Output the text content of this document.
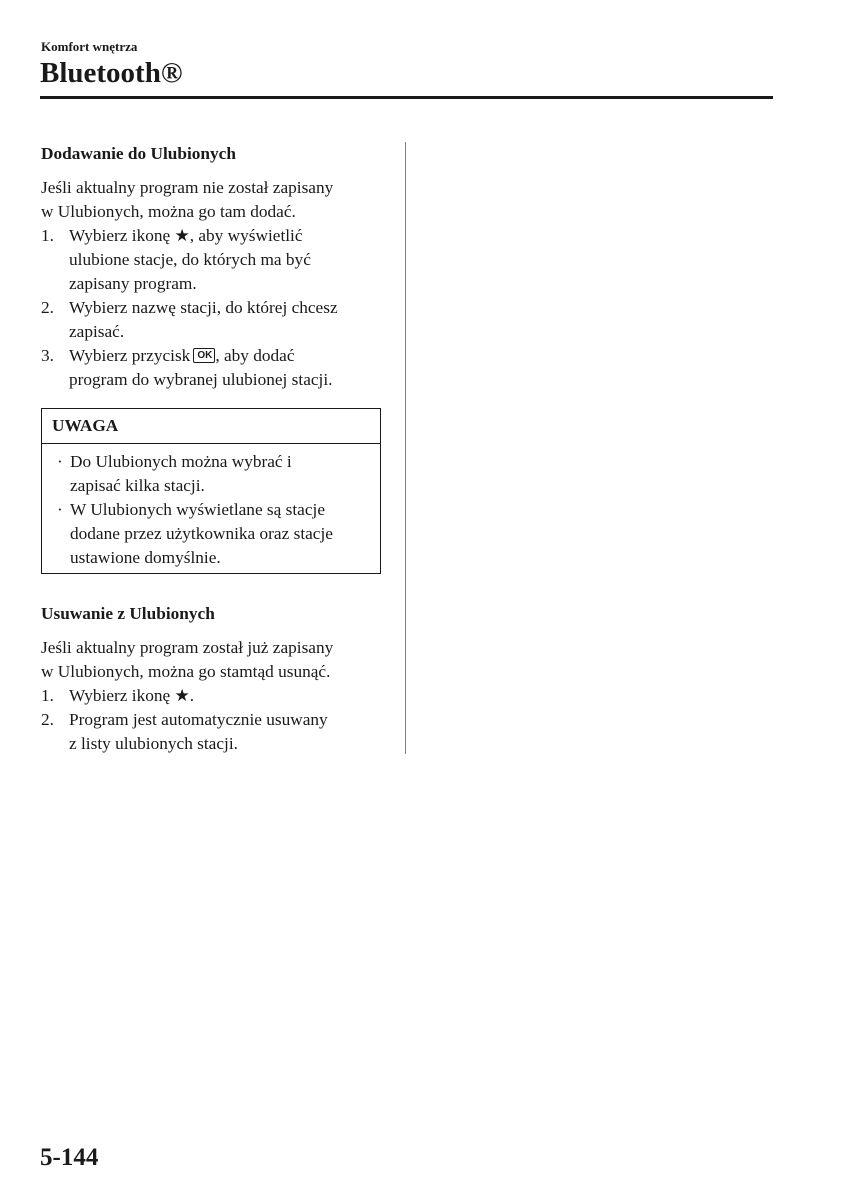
Komfort wnętrza
Bluetooth®
Dodawanie do Ulubionych

Jeśli aktualny program nie został zapisany

w Ulubionych, można go tam dodać.

1. Wybierz ikonę ★, aby wyświetlić
ulubione stacje, do których ma być
zapisany program.
2. Wybierz nazwę stacji, do której chcesz
zapisać.
3. Wybierz przycisk OK , aby dodać
program do wybranej ulubionej stacji.
UWAGA
· Do Ulubionych można wybrać i
zapisać kilka stacji.
· W Ulubionych wyświetlane są stacje
dodane przez użytkownika oraz stacje
ustawione domyślnie.
Usuwanie z Ulubionych

Jeśli aktualny program został już zapisany

w Ulubionych, można go stamtąd usunąć.

1. Wybierz ikonę ★.
2. Program jest automatycznie usuwany
z listy ulubionych stacji.
5-144
